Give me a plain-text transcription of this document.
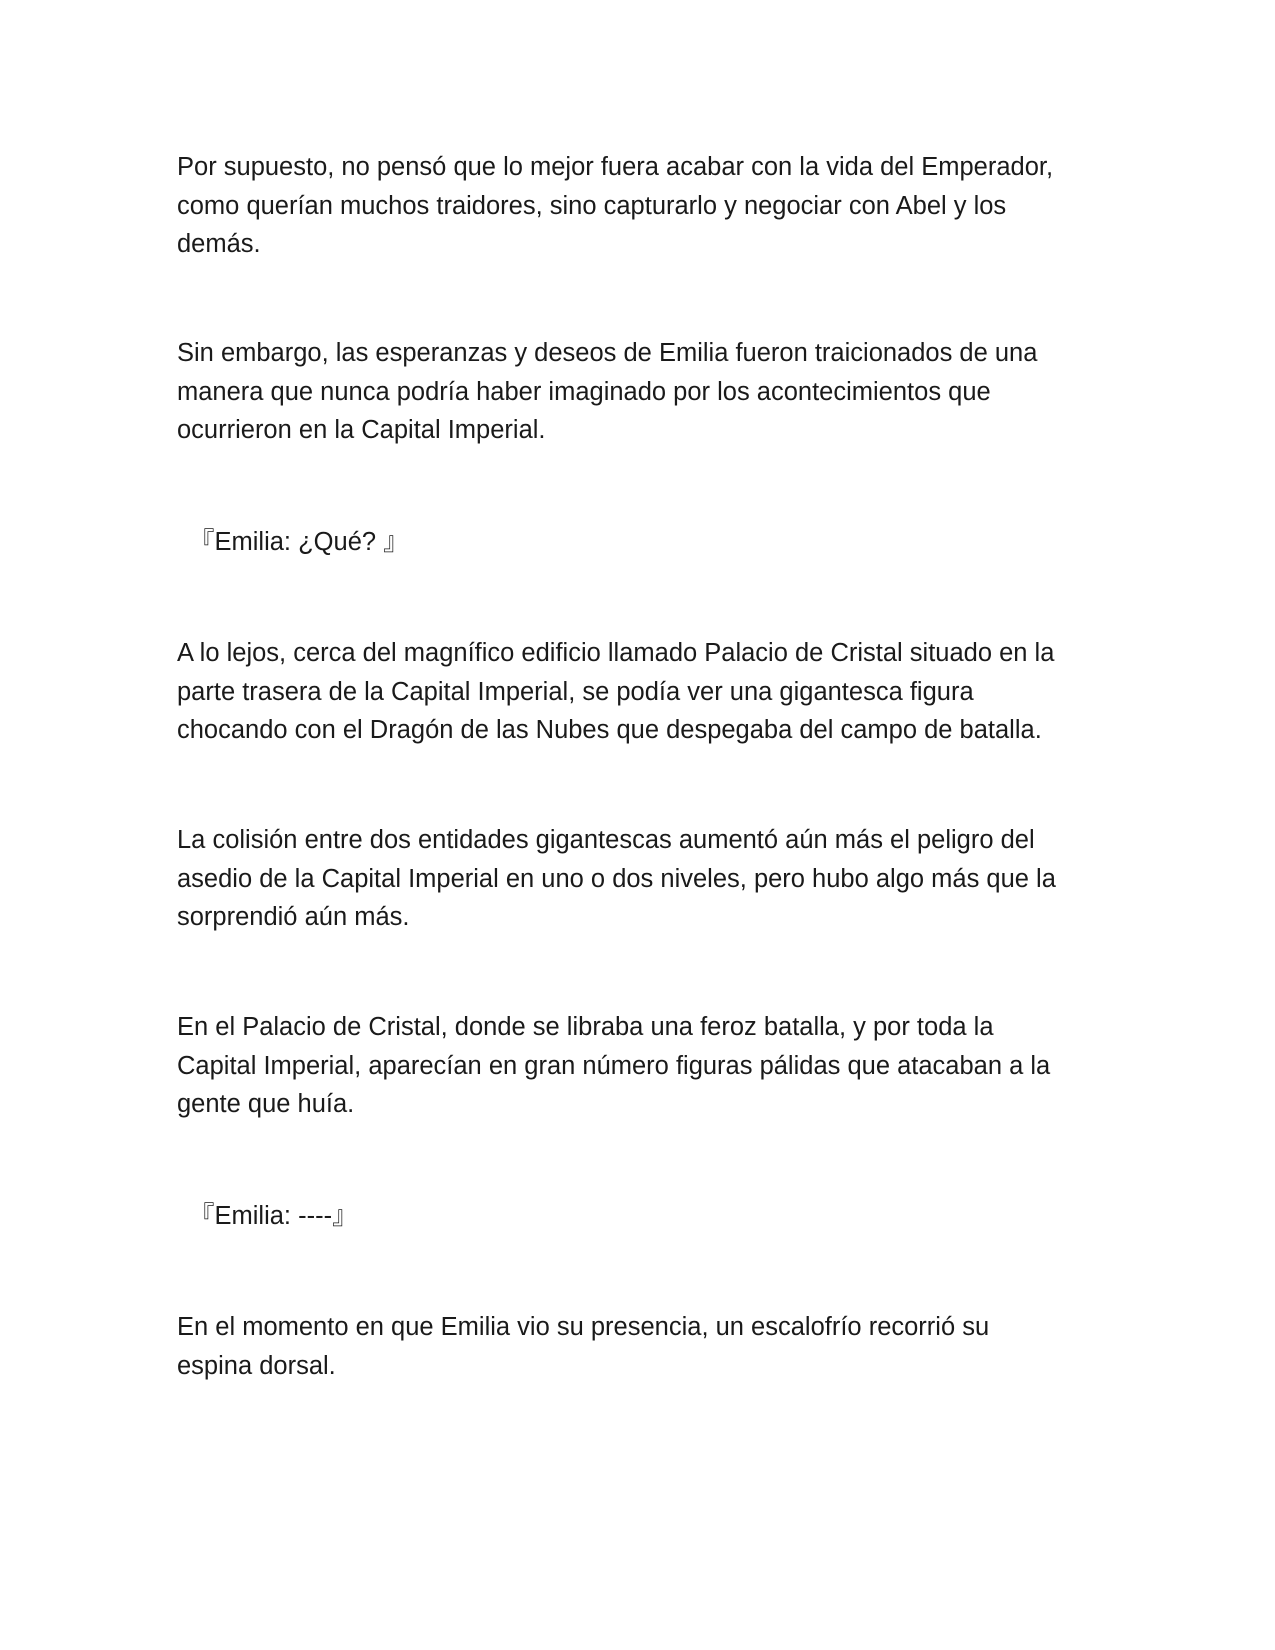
Por supuesto, no pensó que lo mejor fuera acabar con la vida del Emperador,
como querían muchos traidores, sino capturarlo y negociar con Abel y los
demás.

Sin embargo, las esperanzas y deseos de Emilia fueron traicionados de una
manera que nunca podría haber imaginado por los acontecimientos que
ocurrieron en la Capital Imperial.

『Emilia: ¿Qué? 』

A lo lejos, cerca del magnífico edificio llamado Palacio de Cristal situado en la
parte trasera de la Capital Imperial, se podía ver una gigantesca figura
chocando con el Dragón de las Nubes que despegaba del campo de batalla.

La colisión entre dos entidades gigantescas aumentó aún más el peligro del
asedio de la Capital Imperial en uno o dos niveles, pero hubo algo más que la
sorprendió aún más.

En el Palacio de Cristal, donde se libraba una feroz batalla, y por toda la
Capital Imperial, aparecían en gran número figuras pálidas que atacaban a la
gente que huía.

『Emilia: ----』

En el momento en que Emilia vio su presencia, un escalofrío recorrió su
espina dorsal.
